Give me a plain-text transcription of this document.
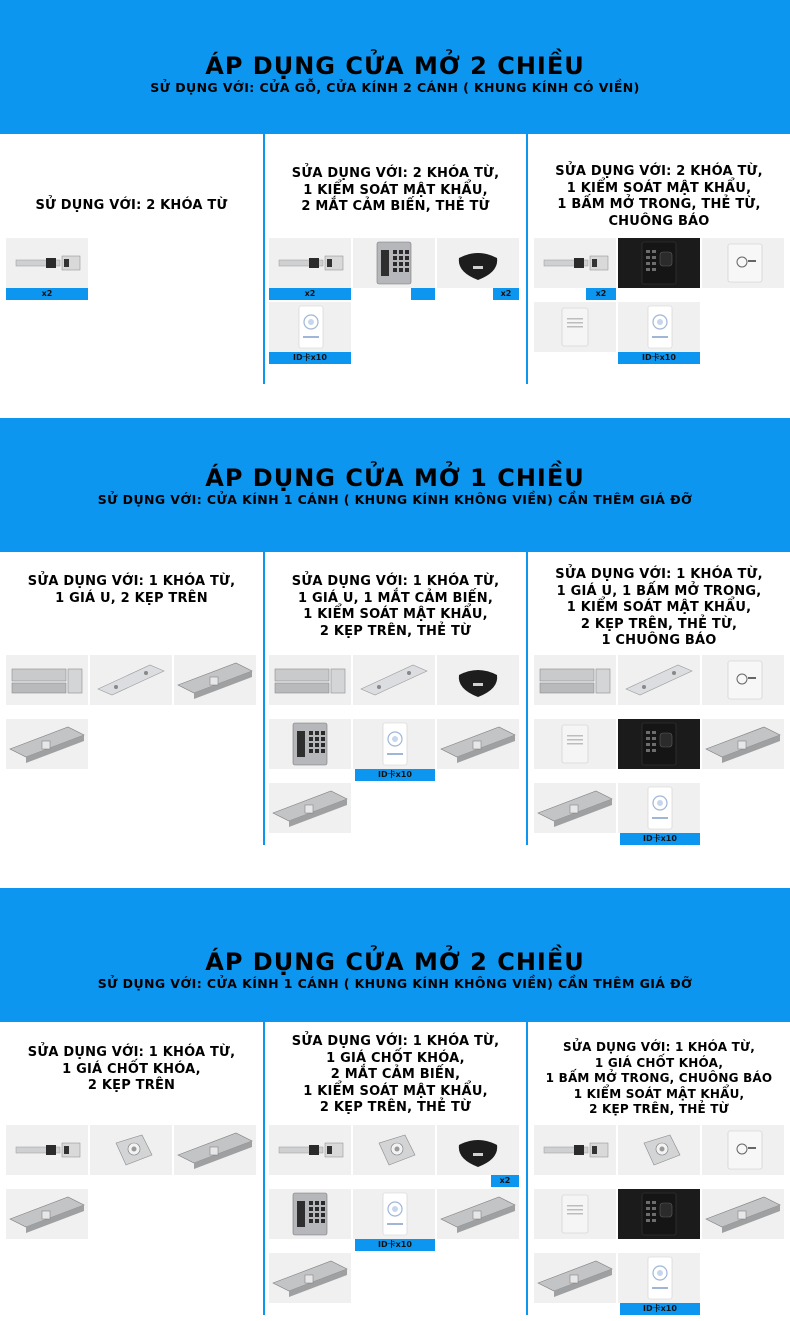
ÁP DỤNG CỬA MỞ 2 CHIỀU
SỬ DỤNG VỚI: CỬA GỖ, CỬA KÍNH 2 CÁNH ( KHUNG KÍNH CÓ VIỀN)
SỬ DỤNG VỚI: 2 KHÓA TỪ
SỬA DỤNG VỚI: 2 KHÓA TỪ,
1 KIỂM SOÁT MẬT KHẨU,
2 MẮT CẢM BIẾN, THẺ TỪ
SỬA DỤNG VỚI: 2 KHÓA TỪ,
1 KIỂM SOÁT MẬT KHẨU,
1 BẤM MỞ TRONG, THẺ TỪ,
CHUÔNG BÁO
x2	x2	x2
ID卡x10
x2
ID卡x10
ÁP DỤNG CỬA MỞ 1 CHIỀU
SỬ DỤNG VỚI: CỬA KÍNH 1 CÁNH ( KHUNG KÍNH KHÔNG VIỀN) CẦN THÊM GIÁ ĐỠ
SỬA DỤNG VỚI: 1 KHÓA TỪ,
1 GIÁ U, 2 KẸP TRÊN
SỬA DỤNG VỚI: 1 KHÓA TỪ,
1 GIÁ U, 1 MẮT CẢM BIẾN,
1 KIỂM SOÁT MẬT KHẨU,
2 KẸP TRÊN, THẺ TỪ
SỬA DỤNG VỚI: 1 KHÓA TỪ,
1 GIÁ U, 1 BẤM MỞ TRONG,
1 KIỂM SOÁT MẬT KHẨU,
2 KẸP TRÊN, THẺ TỪ,
1 CHUÔNG BÁO
ID卡x10
ID卡x10
ÁP DỤNG CỬA MỞ 2 CHIỀU
SỬ DỤNG VỚI: CỬA KÍNH 1 CÁNH ( KHUNG KÍNH KHÔNG VIỀN) CẦN THÊM GIÁ ĐỠ
SỬA DỤNG VỚI: 1 KHÓA TỪ,
1 GIÁ CHỐT KHÓA,
2 KẸP TRÊN
SỬA DỤNG VỚI: 1 KHÓA TỪ,
1 GIÁ CHỐT KHÓA,
2 MẮT CẢM BIẾN,
1 KIỂM SOÁT MẬT KHẨU,
2 KẸP TRÊN, THẺ TỪ
SỬA DỤNG VỚI: 1 KHÓA TỪ,
1 GIÁ CHỐT KHÓA,
1 BẤM MỞ TRONG, CHUÔNG BÁO
1 KIỂM SOÁT MẬT KHẨU,
2 KẸP TRÊN, THẺ TỪ
x2
ID卡x10
ID卡x10
